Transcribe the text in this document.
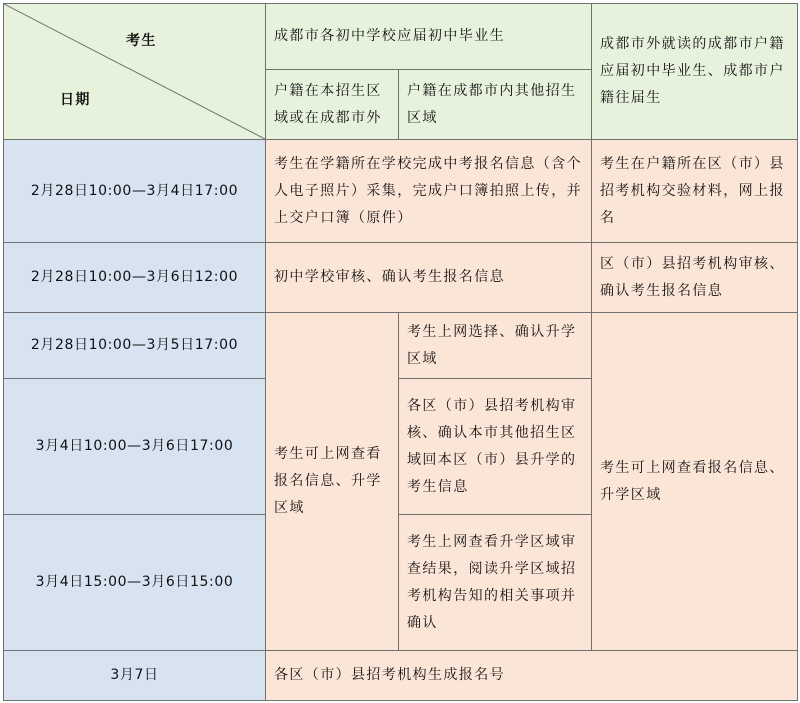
考生
日期	成都市各初中学校应届初中毕业生		成都市外就读的成都市户籍应届初中毕业生、成都市户籍往届生
	户籍在本招生区域或在成都市外	户籍在成都市内其他招生区域	
2月28日10:00—3月4日17:00	考生在学籍所在学校完成中考报名信息（含个人电子照片）采集，完成户口簿拍照上传，并上交户口簿（原件）		考生在户籍所在区（市）县招考机构交验材料，网上报名
2月28日10:00—3月6日12:00	初中学校审核、确认考生报名信息		区（市）县招考机构审核、确认考生报名信息
2月28日10:00—3月5日17:00	考生可上网查看报名信息、升学区域	考生上网选择、确认升学区域	考生可上网查看报名信息、升学区域
3月4日10:00—3月6日17:00		各区（市）县招考机构审核、确认本市其他招生区域回本区（市）县升学的考生信息	
3月4日15:00—3月6日15:00		考生上网查看升学区域审查结果，阅读升学区域招考机构告知的相关事项并确认	
3月7日	各区（市）县招考机构生成报名号		
